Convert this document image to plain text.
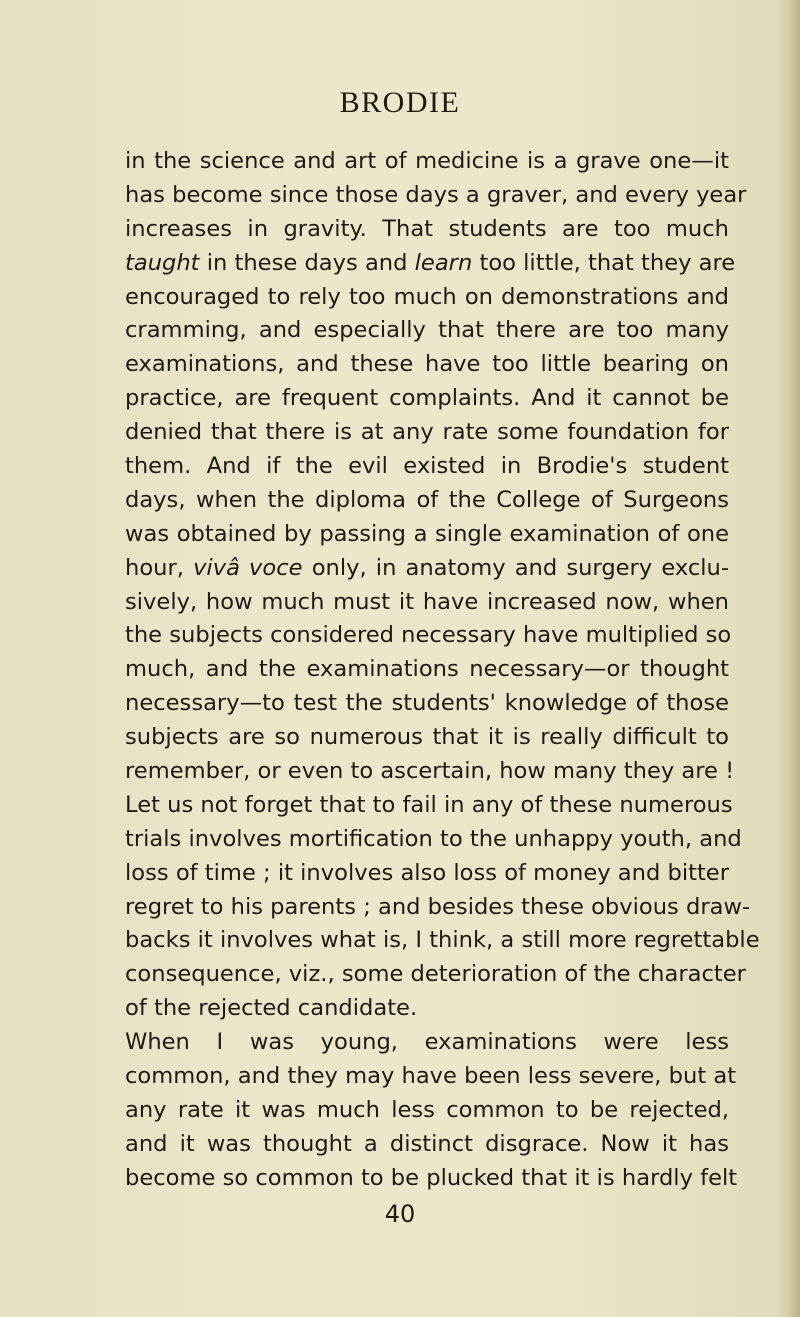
BRODIE
in the science and art of medicine is a grave one—it
has become since those days a graver, and every year
increases in gravity. That students are too much
taught in these days and learn too little, that they are
encouraged to rely too much on demonstrations and
cramming, and especially that there are too many
examinations, and these have too little bearing on
practice, are frequent complaints. And it cannot be
denied that there is at any rate some foundation for
them. And if the evil existed in Brodie's student
days, when the diploma of the College of Surgeons
was obtained by passing a single examination of one
hour, vivâ voce only, in anatomy and surgery exclu-
sively, how much must it have increased now, when
the subjects considered necessary have multiplied so
much, and the examinations necessary—or thought
necessary—to test the students' knowledge of those
subjects are so numerous that it is really difficult to
remember, or even to ascertain, how many they are !
Let us not forget that to fail in any of these numerous
trials involves mortification to the unhappy youth, and
loss of time ; it involves also loss of money and bitter
regret to his parents ; and besides these obvious draw-
backs it involves what is, I think, a still more regrettable
consequence, viz., some deterioration of the character
of the rejected candidate.
When I was young, examinations were less
common, and they may have been less severe, but at
any rate it was much less common to be rejected,
and it was thought a distinct disgrace. Now it has
become so common to be plucked that it is hardly felt
40
